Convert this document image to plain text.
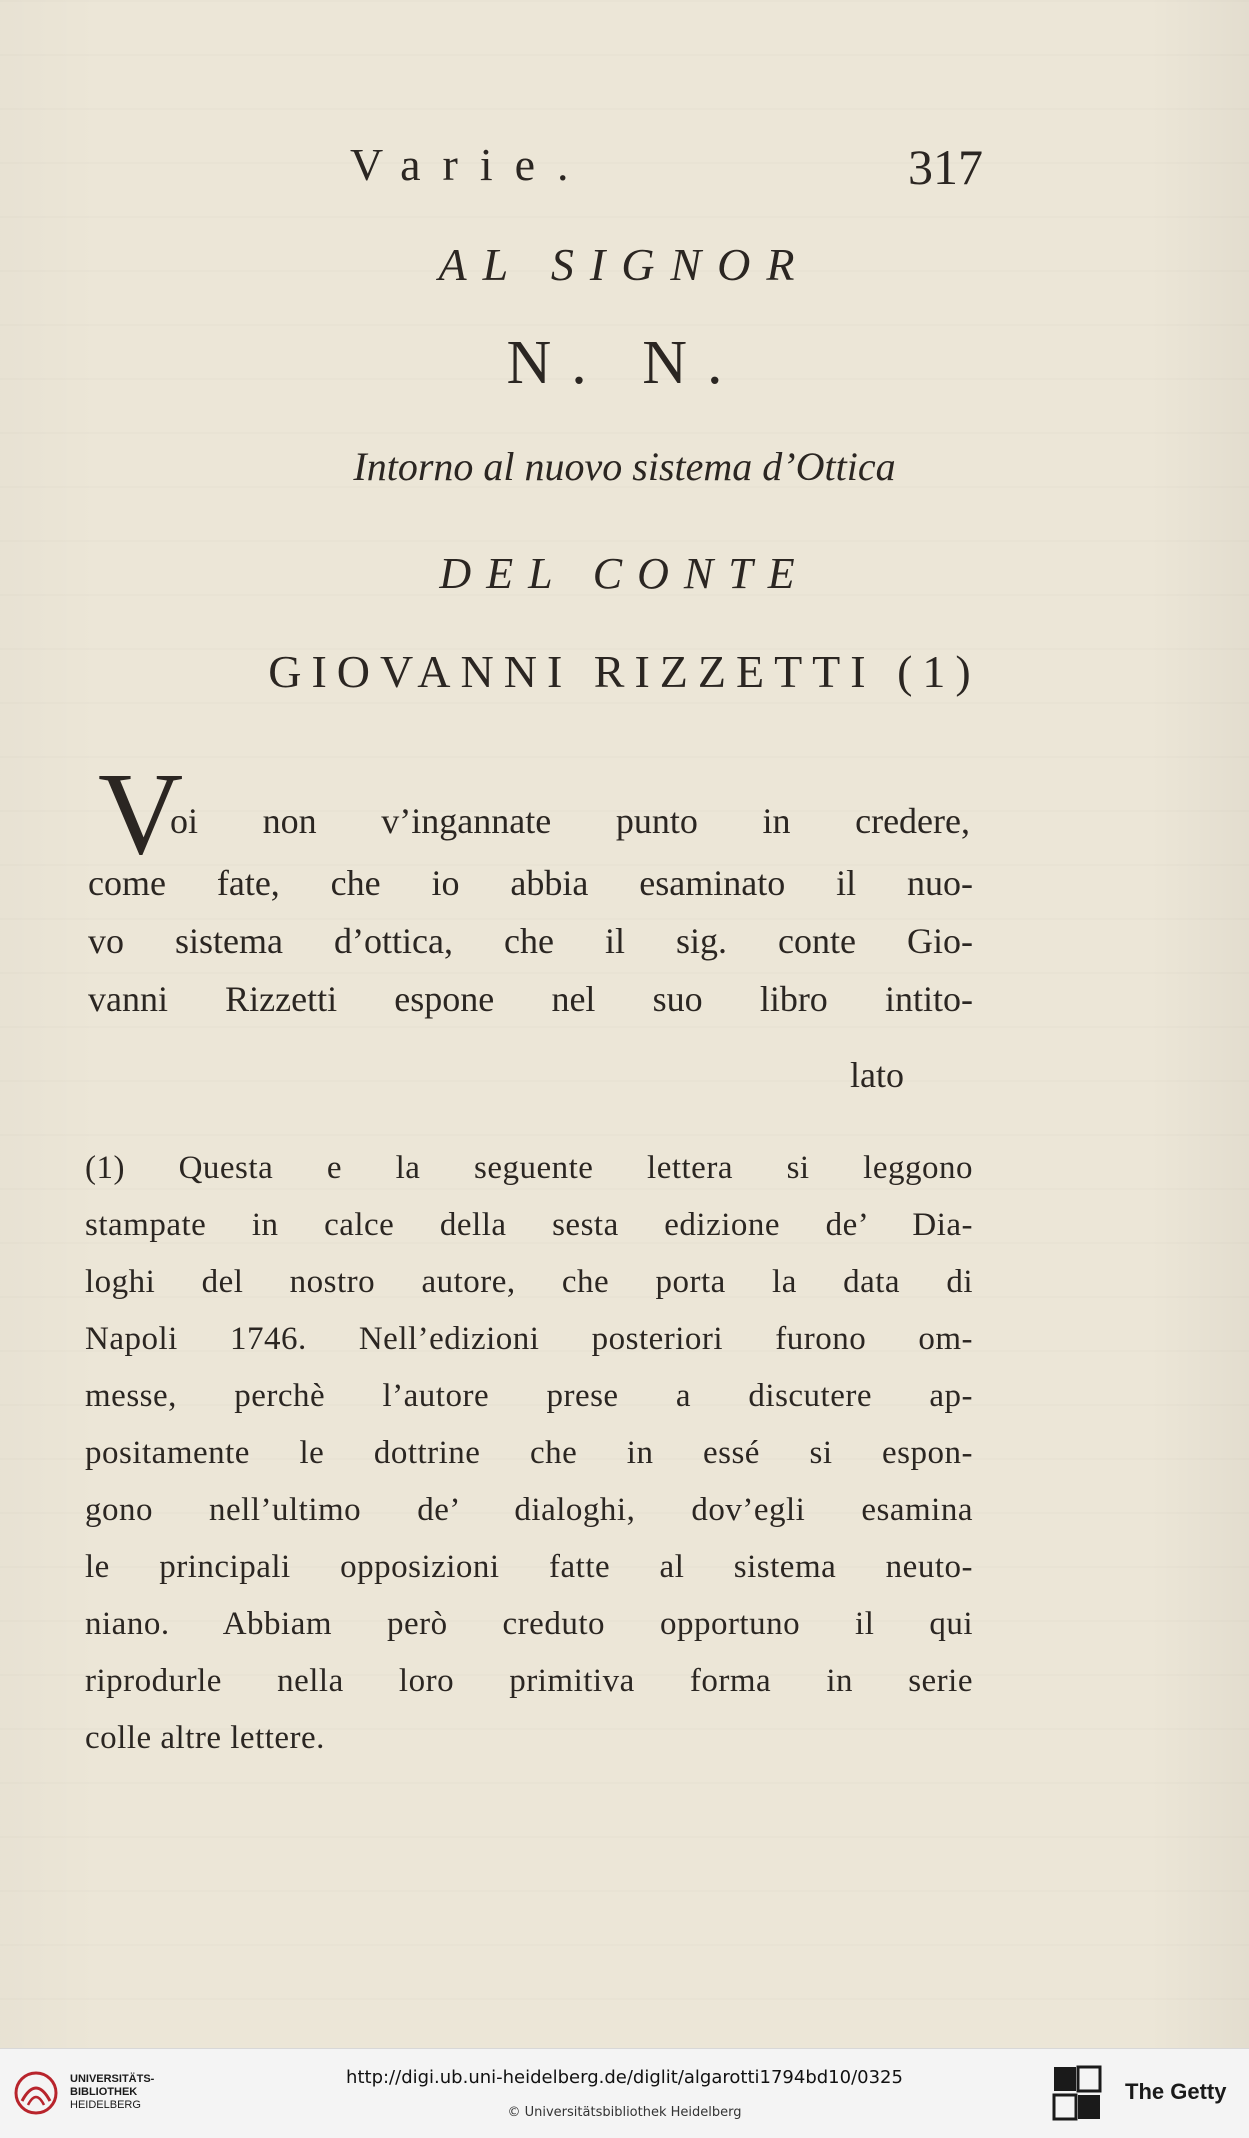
Varie.	317
AL SIGNOR
N. N.
Intorno al nuovo sistema d’Ottica
DEL CONTE
GIOVANNI RIZZETTI (1)
V
oi non v’ingannate punto in credere,
come fate, che io abbia esaminato il nuo-
vo sistema d’ottica, che il sig. conte Gio-
vanni Rizzetti espone nel suo libro intito-
lato
(1) Questa e la seguente lettera si leggono
stampate in calce della sesta edizione de’ Dia-
loghi del nostro autore, che porta la data di
Napoli 1746. Nell’edizioni posteriori furono om-
messe, perchè l’autore prese a discutere ap-
positamente le dottrine che in essé si espon-
gono nell’ultimo de’ dialoghi, dov’egli esamina
le principali opposizioni fatte al sistema neuto-
niano. Abbiam però creduto opportuno il qui
riprodurle nella loro primitiva forma in serie
colle altre lettere.
UNIVERSITÄTS-
BIBLIOTHEK
HEIDELBERG
http://digi.ub.uni-heidelberg.de/diglit/algarotti1794bd10/0325
© Universitätsbibliothek Heidelberg
The Getty
